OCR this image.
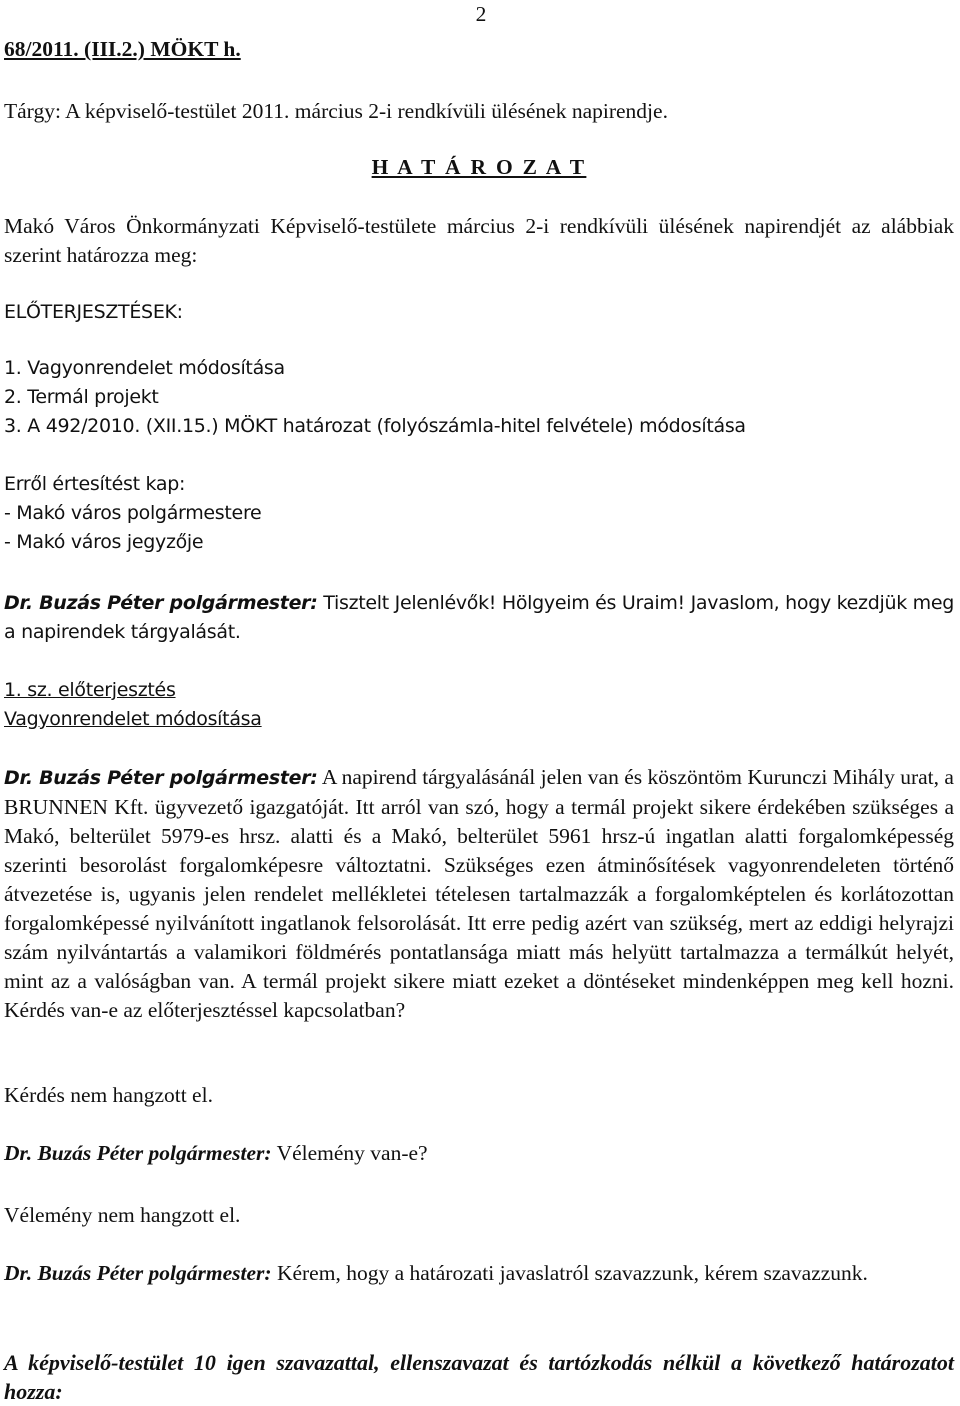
2
68/2011. (III.2.) MÖKT h.
Tárgy: A képviselő-testület 2011. március 2-i rendkívüli ülésének napirendje.
H A T Á R O Z A T

Makó Város Önkormányzati Képviselő-testülete március 2-i rendkívüli ülésének napirendjét az alábbiak szerint határozza meg:

ELŐTERJESZTÉSEK:
1. Vagyonrendelet módosítása
2. Termál projekt
3. A 492/2010. (XII.15.) MÖKT határozat (folyószámla-hitel felvétele) módosítása
Erről értesítést kap:
- Makó város polgármestere
- Makó város jegyzője

Dr. Buzás Péter polgármester: Tisztelt Jelenlévők! Hölgyeim és Uraim! Javaslom, hogy kezdjük meg a napirendek tárgyalását.

1. sz. előterjesztés
Vagyonrendelet módosítása

Dr. Buzás Péter polgármester: A napirend tárgyalásánál jelen van és köszöntöm Kurunczi Mihály urat, a BRUNNEN Kft. ügyvezető igazgatóját. Itt arról van szó, hogy a termál projekt sikere érdekében szükséges a Makó, belterület 5979-es hrsz. alatti és a Makó, belterület 5961 hrsz-ú ingatlan alatti forgalomképesség szerinti besorolást forgalomképesre változtatni. Szükséges ezen átminősítések vagyonrendeleten történő átvezetése is, ugyanis jelen rendelet mellékletei tételesen tartalmazzák a forgalomképtelen és korlátozottan forgalomképessé nyilvánított ingatlanok felsorolását. Itt erre pedig azért van szükség, mert az eddigi helyrajzi szám nyilvántartás a valamikori földmérés pontatlansága miatt más helyütt tartalmazza a termálkút helyét, mint az a valóságban van. A termál projekt sikere miatt ezeket a döntéseket mindenképpen meg kell hozni. Kérdés van-e az előterjesztéssel kapcsolatban?

Kérdés nem hangzott el.

Dr. Buzás Péter polgármester: Vélemény van-e?

Vélemény nem hangzott el.

Dr. Buzás Péter polgármester: Kérem, hogy a határozati javaslatról szavazzunk, kérem szavazzunk.

A képviselő-testület 10 igen szavazattal, ellenszavazat és tartózkodás nélkül a következő határozatot hozza:
